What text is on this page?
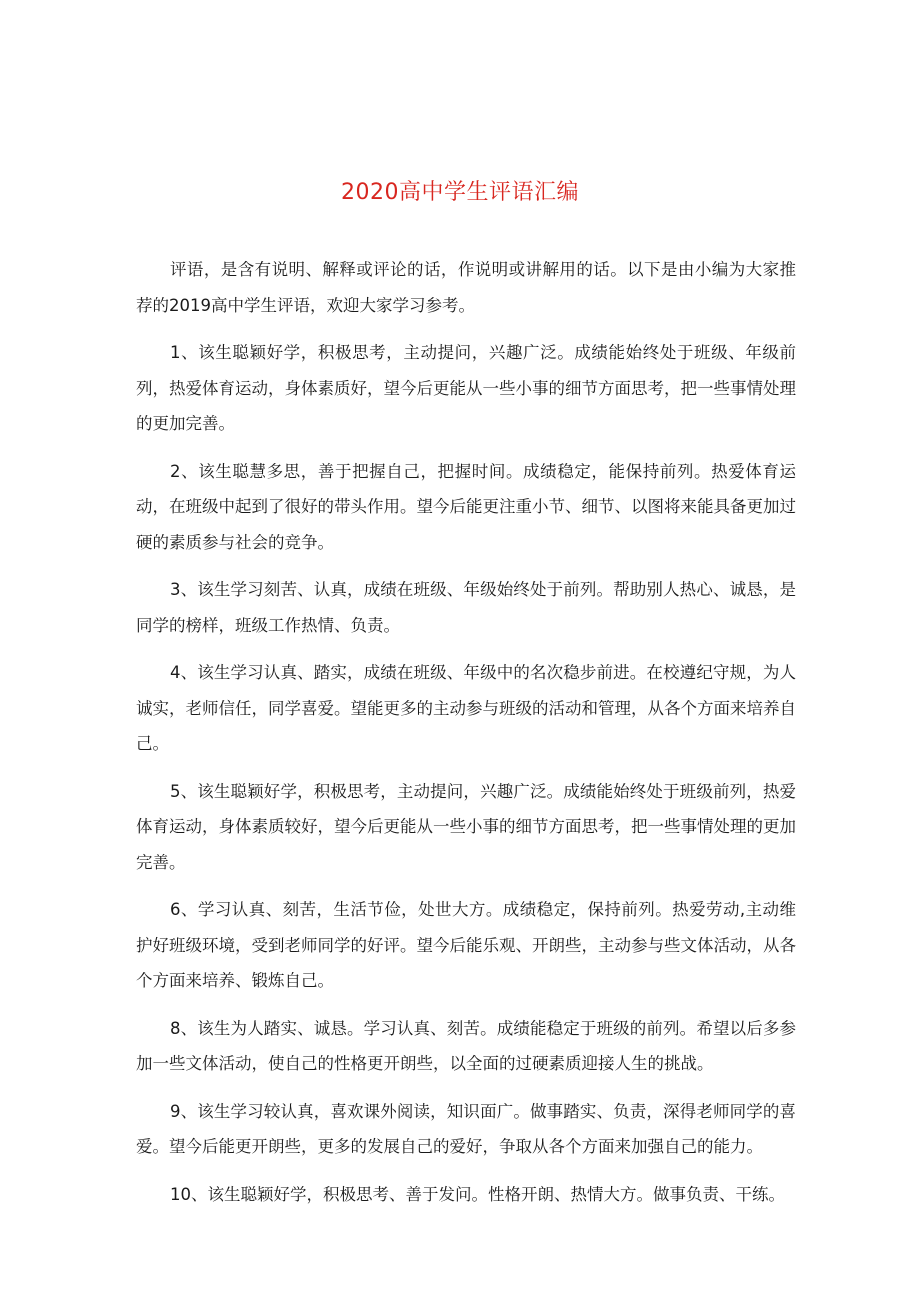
2020高中学生评语汇编

评语，是含有说明、解释或评论的话，作说明或讲解用的话。以下是由小编为大家推荐的2019高中学生评语，欢迎大家学习参考。

1、该生聪颖好学，积极思考，主动提问，兴趣广泛。成绩能始终处于班级、年级前列，热爱体育运动，身体素质好，望今后更能从一些小事的细节方面思考，把一些事情处理的更加完善。

2、该生聪慧多思，善于把握自己，把握时间。成绩稳定，能保持前列。热爱体育运动，在班级中起到了很好的带头作用。望今后能更注重小节、细节、以图将来能具备更加过硬的素质参与社会的竞争。

3、该生学习刻苦、认真，成绩在班级、年级始终处于前列。帮助别人热心、诚恳，是同学的榜样，班级工作热情、负责。

4、该生学习认真、踏实，成绩在班级、年级中的名次稳步前进。在校遵纪守规，为人诚实，老师信任，同学喜爱。望能更多的主动参与班级的活动和管理，从各个方面来培养自己。

5、该生聪颖好学，积极思考，主动提问，兴趣广泛。成绩能始终处于班级前列，热爱体育运动，身体素质较好，望今后更能从一些小事的细节方面思考，把一些事情处理的更加完善。

6、学习认真、刻苦，生活节俭，处世大方。成绩稳定，保持前列。热爱劳动,主动维护好班级环境，受到老师同学的好评。望今后能乐观、开朗些，主动参与些文体活动，从各个方面来培养、锻炼自己。

8、该生为人踏实、诚恳。学习认真、刻苦。成绩能稳定于班级的前列。希望以后多参加一些文体活动，使自己的性格更开朗些，以全面的过硬素质迎接人生的挑战。

9、该生学习较认真，喜欢课外阅读，知识面广。做事踏实、负责，深得老师同学的喜爱。望今后能更开朗些，更多的发展自己的爱好，争取从各个方面来加强自己的能力。

10、该生聪颖好学，积极思考、善于发问。性格开朗、热情大方。做事负责、干练。
